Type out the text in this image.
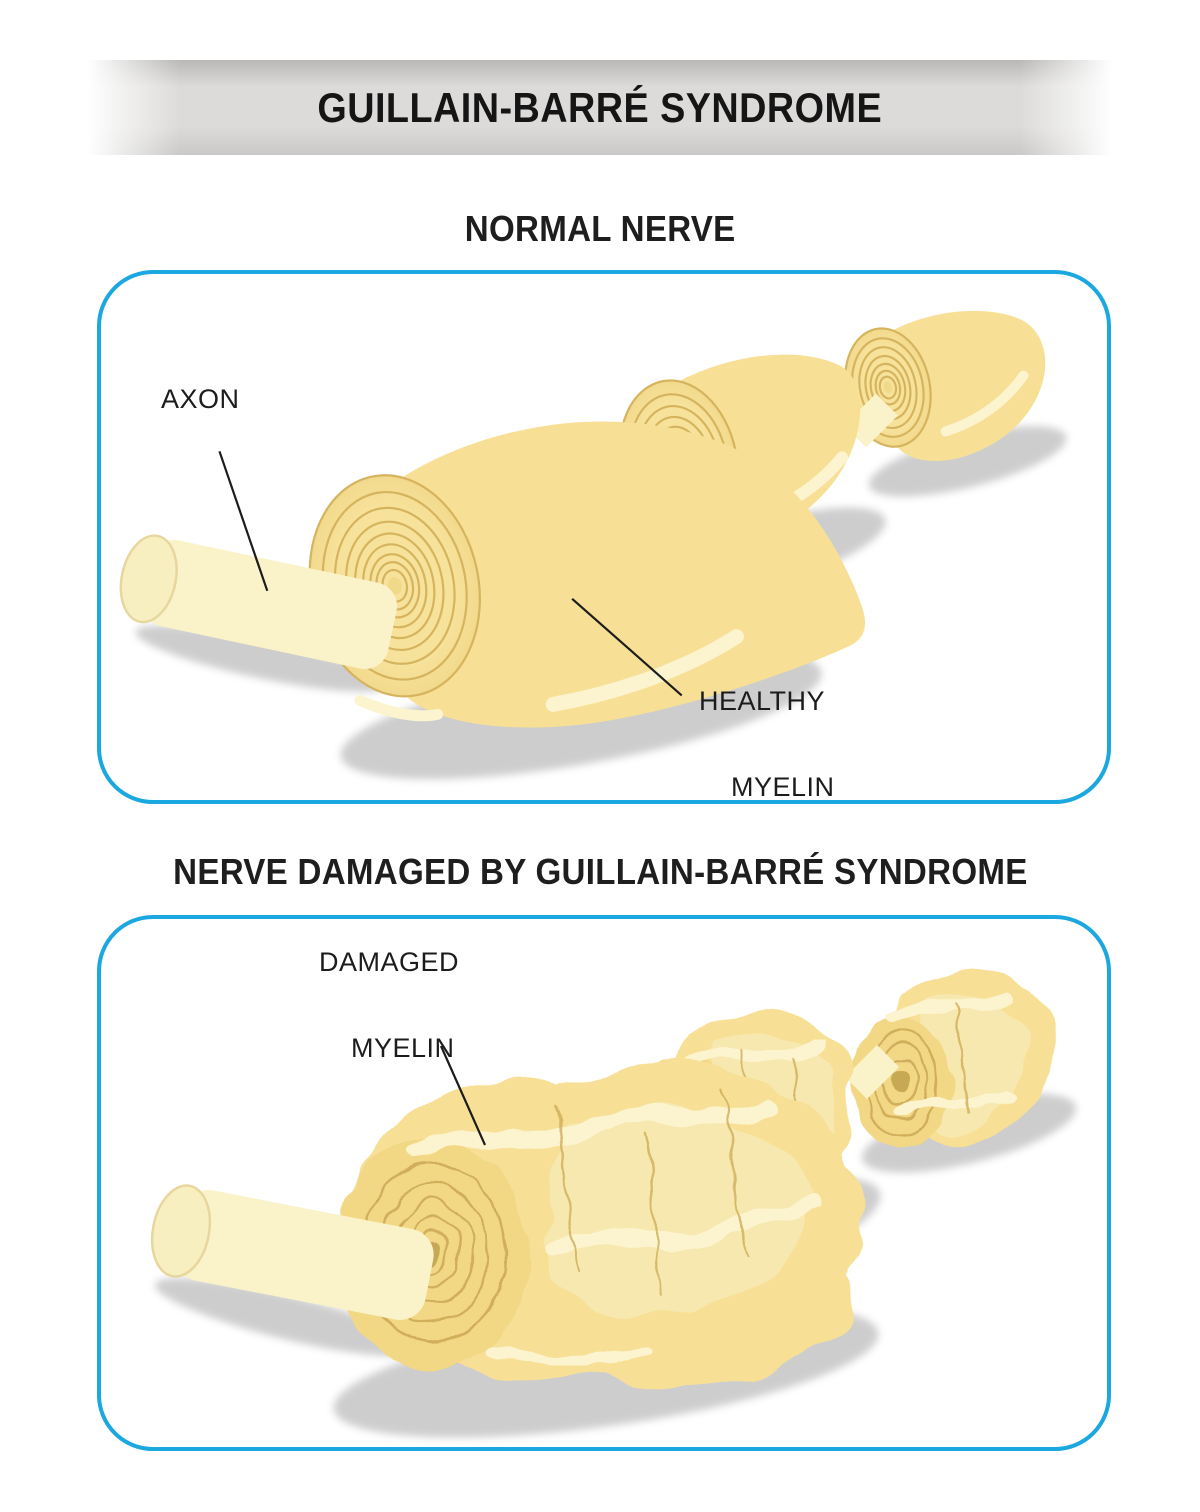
GUILLAIN-BARRÉ SYNDROME
NORMAL NERVE
AXON
HEALTHY

MYELIN
NERVE DAMAGED BY GUILLAIN-BARRÉ SYNDROME
DAMAGED

MYELIN
